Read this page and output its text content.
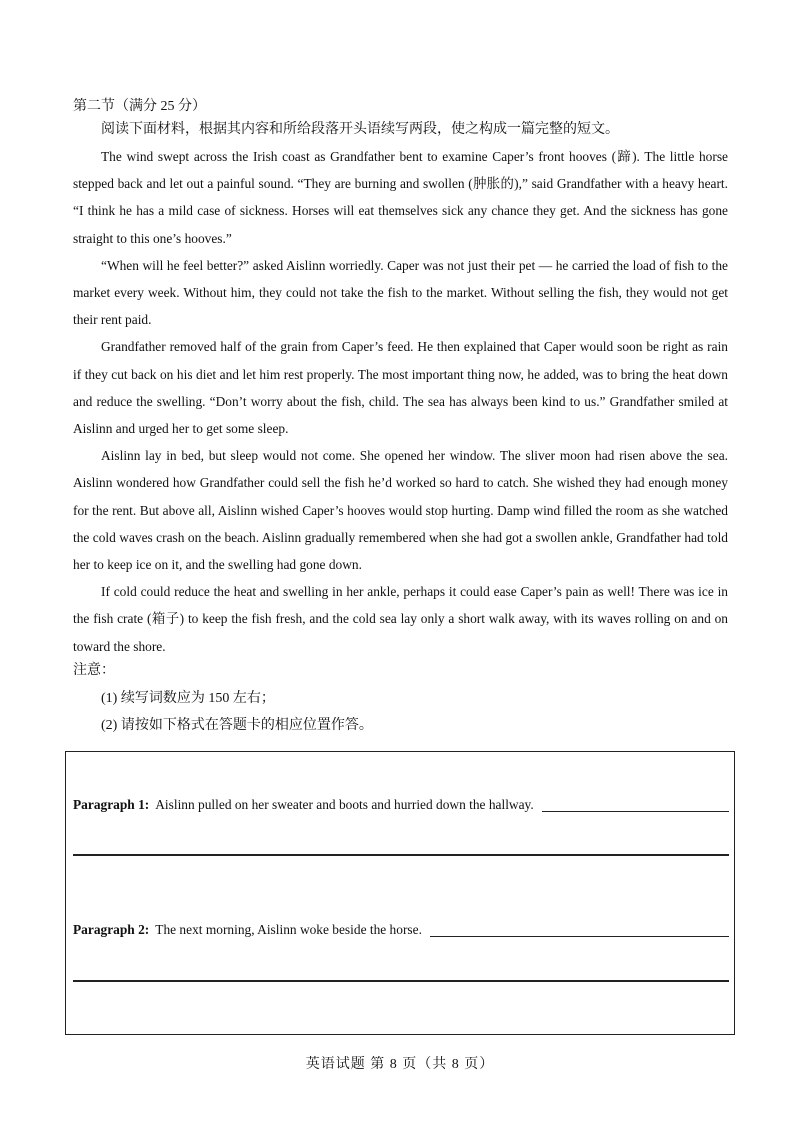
第二节（满分 25 分）

阅读下面材料，根据其内容和所给段落开头语续写两段，使之构成一篇完整的短文。

The wind swept across the Irish coast as Grandfather bent to examine Caper’s front hooves (蹄). The little horse stepped back and let out a painful sound. “They are burning and swollen (肿胀的),” said Grandfather with a heavy heart. “I think he has a mild case of sickness. Horses will eat themselves sick any chance they get. And the sickness has gone straight to this one’s hooves.”

“When will he feel better?” asked Aislinn worriedly. Caper was not just their pet — he carried the load of fish to the market every week. Without him, they could not take the fish to the market. Without selling the fish, they would not get their rent paid.

Grandfather removed half of the grain from Caper’s feed. He then explained that Caper would soon be right as rain if they cut back on his diet and let him rest properly. The most important thing now, he added, was to bring the heat down and reduce the swelling. “Don’t worry about the fish, child. The sea has always been kind to us.” Grandfather smiled at Aislinn and urged her to get some sleep.

Aislinn lay in bed, but sleep would not come. She opened her window. The sliver moon had risen above the sea. Aislinn wondered how Grandfather could sell the fish he’d worked so hard to catch. She wished they had enough money for the rent. But above all, Aislinn wished Caper’s hooves would stop hurting. Damp wind filled the room as she watched the cold waves crash on the beach. Aislinn gradually remembered when she had got a swollen ankle, Grandfather had told her to keep ice on it, and the swelling had gone down.

If cold could reduce the heat and swelling in her ankle, perhaps it could ease Caper’s pain as well! There was ice in the fish crate (箱子) to keep the fish fresh, and the cold sea lay only a short walk away, with its waves rolling on and on toward the shore.

注意：

(1) 续写词数应为 150 左右；

(2) 请按如下格式在答题卡的相应位置作答。

Paragraph 1 : Aislinn pulled on her sweater and boots and hurried down the hallway.
Paragraph 2 : The next morning, Aislinn woke beside the horse.

英语试题 第 8 页（共 8 页）
